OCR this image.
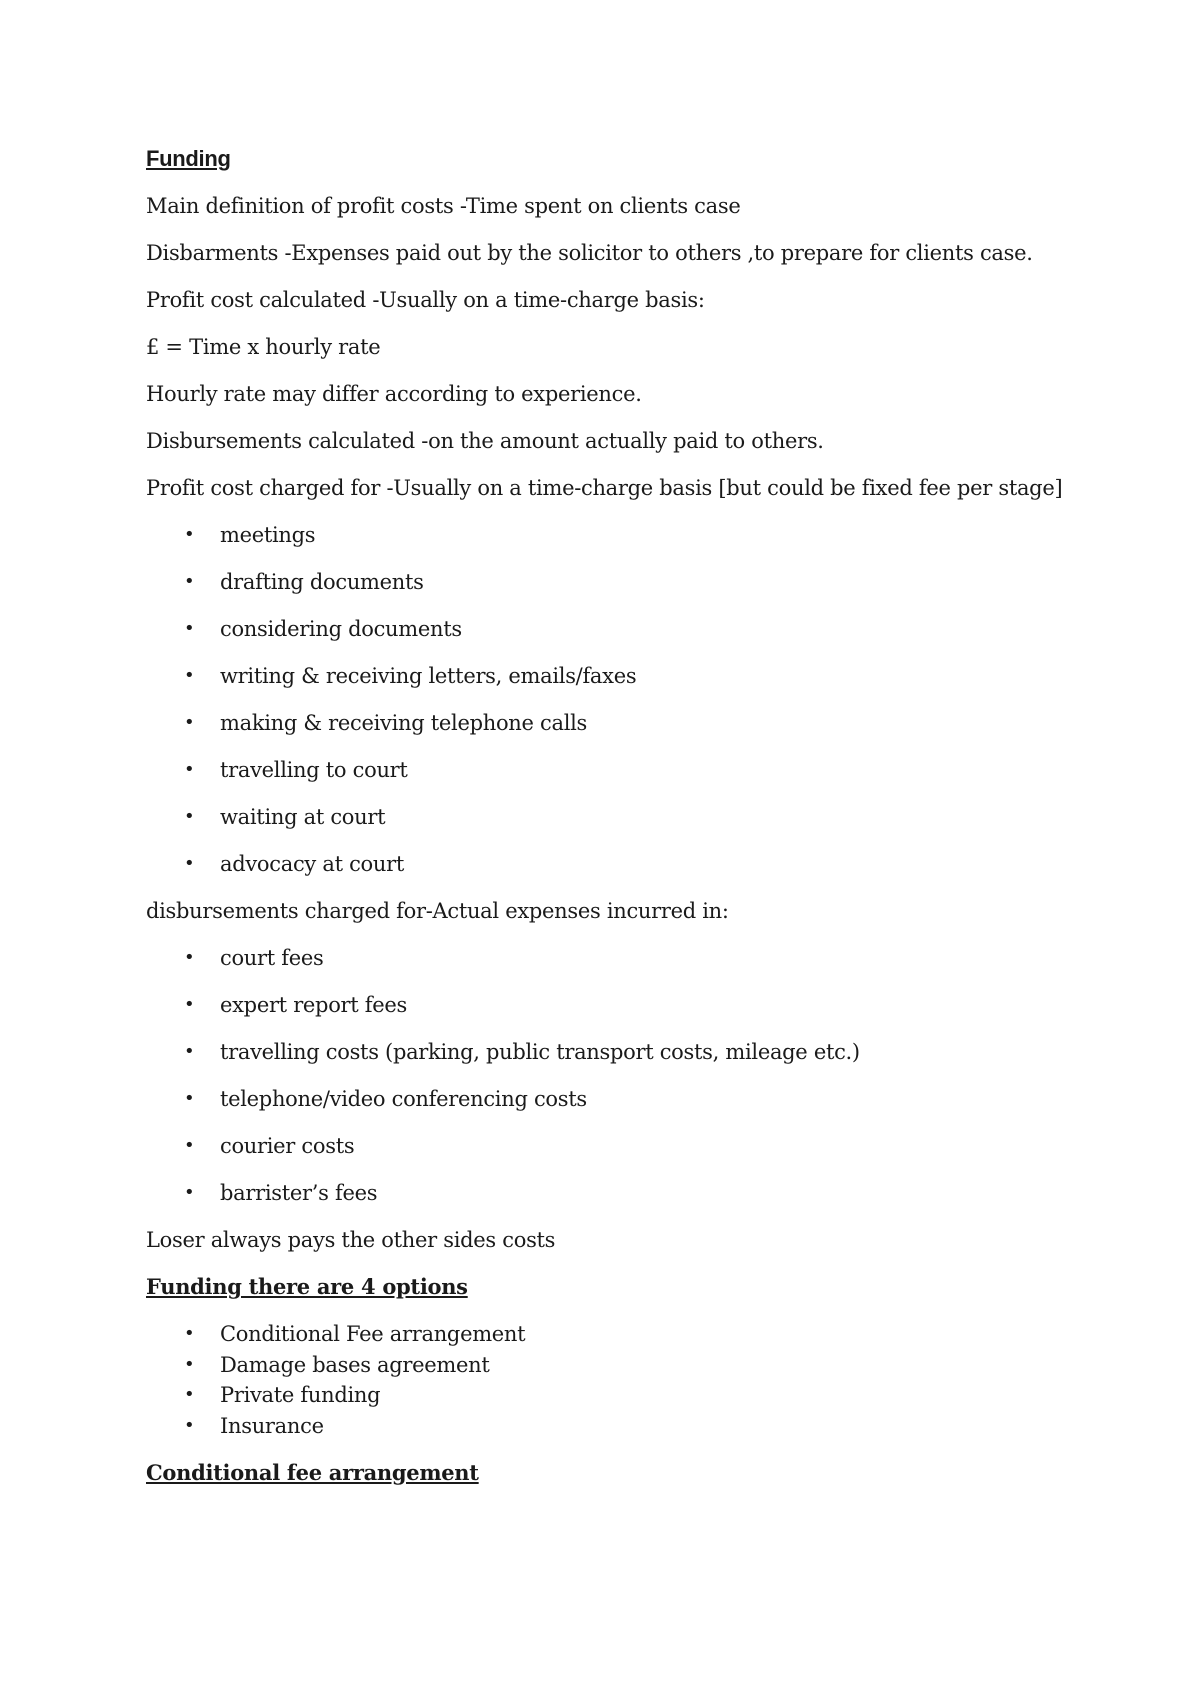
Funding
Main definition of profit costs -Time spent on clients case
Disbarments -Expenses paid out by the solicitor to others ,to prepare for clients case.
Profit cost calculated -Usually on a time-charge basis:
£ = Time x hourly rate
Hourly rate may differ according to experience.
Disbursements calculated -on the amount actually paid to others.
Profit cost charged for -Usually on a time-charge basis [but could be fixed fee per stage]
• meetings
• drafting documents
• considering documents
• writing & receiving letters, emails/faxes
• making & receiving telephone calls
• travelling to court
• waiting at court
• advocacy at court
disbursements charged for-Actual expenses incurred in:
• court fees
• expert report fees
• travelling costs (parking, public transport costs, mileage etc.)
• telephone/video conferencing costs
• courier costs
• barrister’s fees
Loser always pays the other sides costs
Funding there are 4 options
• Conditional Fee arrangement
• Damage bases agreement
• Private funding
• Insurance
Conditional fee arrangement
